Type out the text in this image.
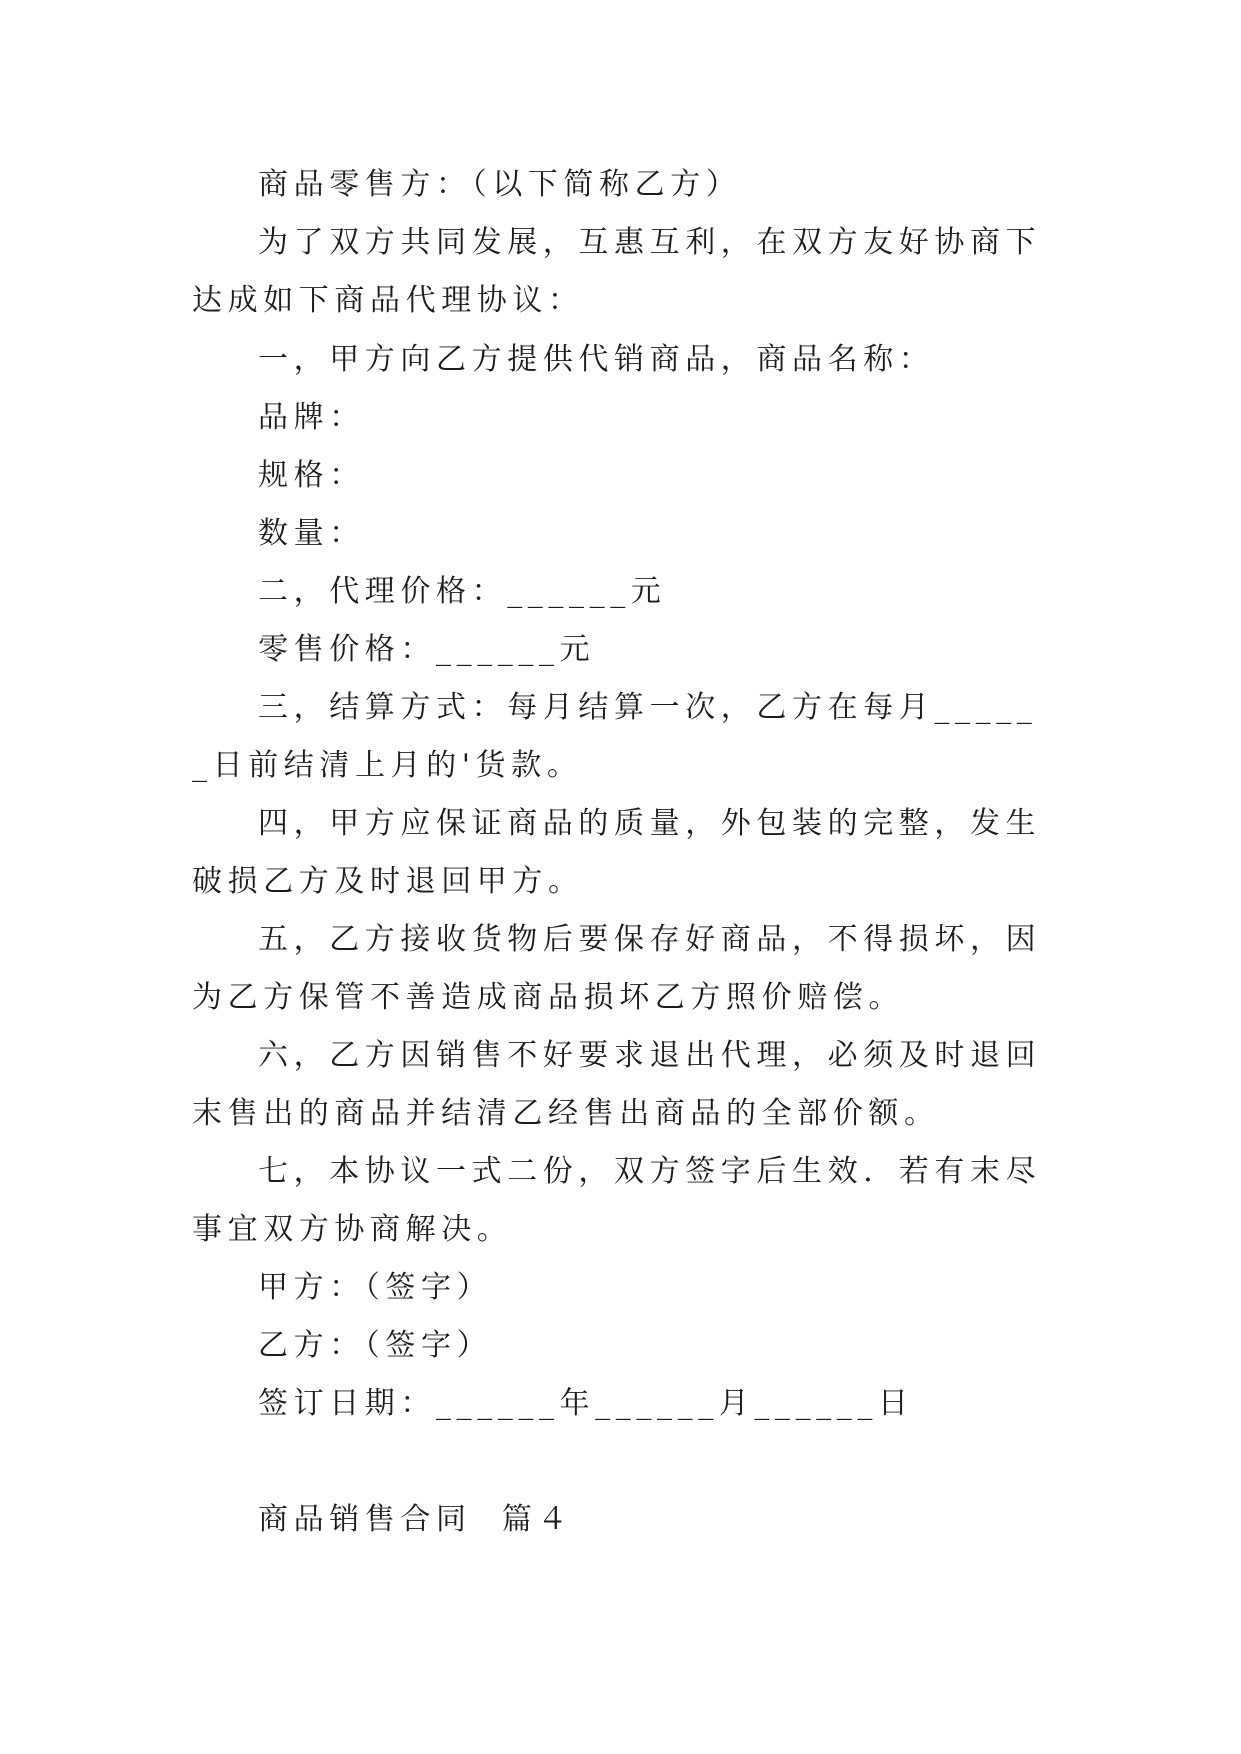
商品零售方：（以下简称乙方）

为了双方共同发展，互惠互利，在双方友好协商下达成如下商品代理协议：

一，甲方向乙方提供代销商品，商品名称：

品牌：

规格：

数量：

二，代理价格：______元

零售价格：______元

三，结算方式：每月结算一次，乙方在每月______日前结清上月的'货款。

四，甲方应保证商品的质量，外包装的完整，发生破损乙方及时退回甲方。

五，乙方接收货物后要保存好商品，不得损坏，因为乙方保管不善造成商品损坏乙方照价赔偿。

六，乙方因销售不好要求退出代理，必须及时退回末售出的商品并结清乙经售出商品的全部价额。

七，本协议一式二份，双方签字后生效．若有末尽事宜双方协商解决。

甲方：（签字）

乙方：（签字）

签订日期：______年______月______日

商品销售合同  篇４
